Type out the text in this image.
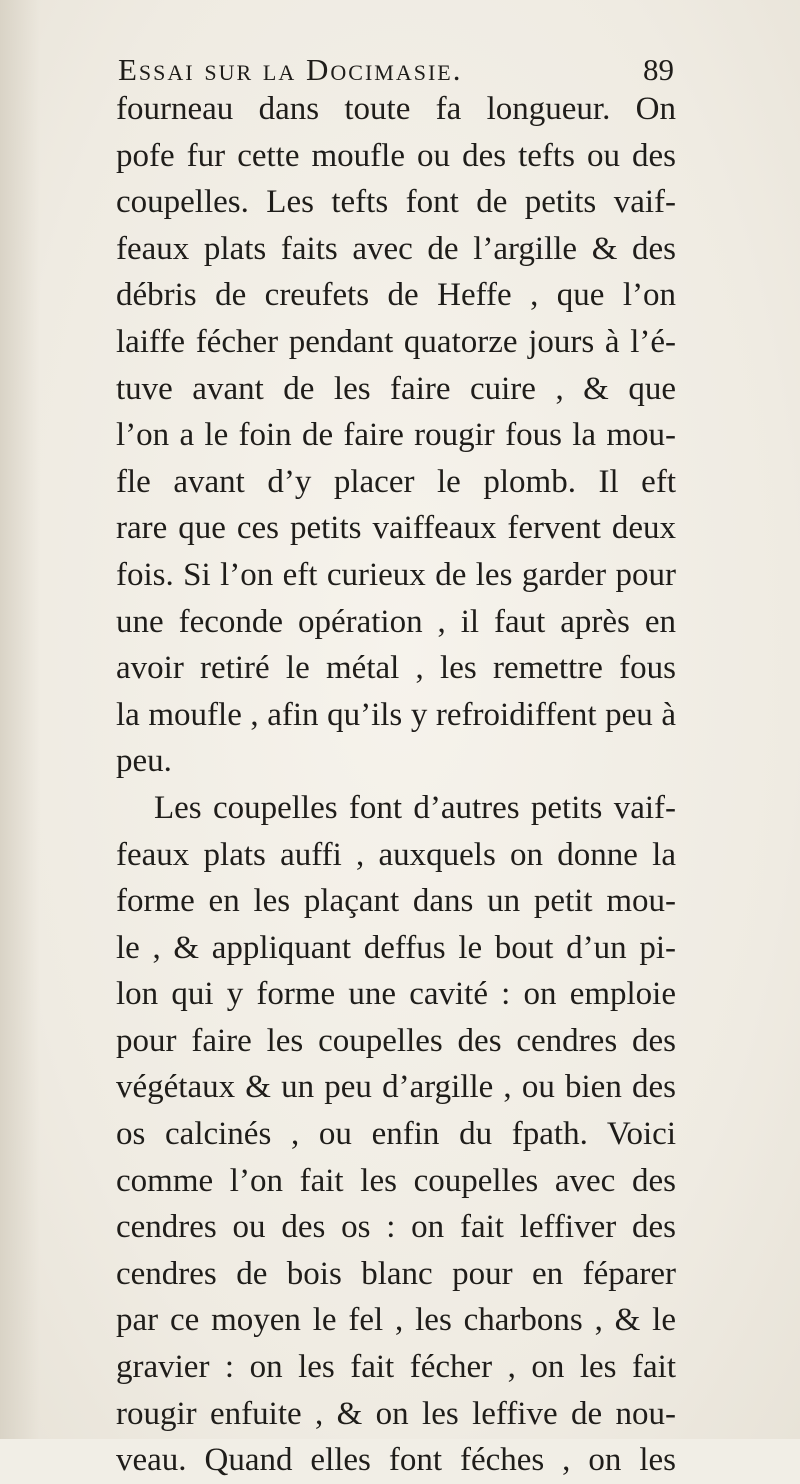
Essai sur la Docimasie.	89
fourneau dans toute fa longueur. On
pofe fur cette moufle ou des tefts ou des
coupelles. Les tefts font de petits vaif-
feaux plats faits avec de l’argille & des
débris de creufets de Heffe , que l’on
laiffe fécher pendant quatorze jours à l’é-
tuve avant de les faire cuire , & que
l’on a le foin de faire rougir fous la mou-
fle avant d’y placer le plomb. Il eft
rare que ces petits vaiffeaux fervent deux
fois. Si l’on eft curieux de les garder pour
une feconde opération , il faut après en
avoir retiré le métal , les remettre fous
la moufle , afin qu’ils y refroidiffent peu à
peu.
Les coupelles font d’autres petits vaif-
feaux plats auffi , auxquels on donne la
forme en les plaçant dans un petit mou-
le , & appliquant deffus le bout d’un pi-
lon qui y forme une cavité : on emploie
pour faire les coupelles des cendres des
végétaux & un peu d’argille , ou bien des
os calcinés , ou enfin du fpath. Voici
comme l’on fait les coupelles avec des
cendres ou des os : on fait leffiver des
cendres de bois blanc pour en féparer
par ce moyen le fel , les charbons , & le
gravier : on les fait fécher , on les fait
rougir enfuite , & on les leffive de nou-
veau. Quand elles font féches , on les
